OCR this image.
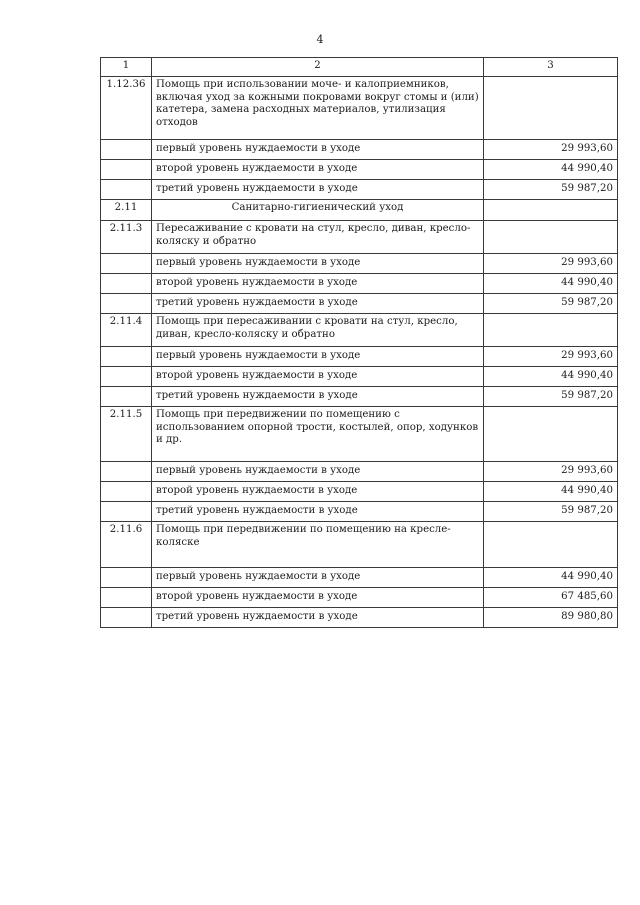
4
1	2	3
1.12.36	Помощь при использовании моче- и калоприемников, включая уход за кожными покровами вокруг стомы и (или) катетера, замена расходных материалов, утилизация отходов	
	первый уровень нуждаемости в уходе	29 993,60
	второй уровень нуждаемости в уходе	44 990,40
	третий уровень нуждаемости в уходе	59 987,20
2.11	Санитарно-гигиенический уход	
2.11.3	Пересаживание с кровати на стул, кресло, диван, кресло-коляску и обратно	
	первый уровень нуждаемости в уходе	29 993,60
	второй уровень нуждаемости в уходе	44 990,40
	третий уровень нуждаемости в уходе	59 987,20
2.11.4	Помощь при пересаживании с кровати на стул, кресло, диван, кресло-коляску и обратно	
	первый уровень нуждаемости в уходе	29 993,60
	второй уровень нуждаемости в уходе	44 990,40
	третий уровень нуждаемости в уходе	59 987,20
2.11.5	Помощь при передвижении по помещению с использованием опорной трости, костылей, опор, ходунков и др.	
	первый уровень нуждаемости в уходе	29 993,60
	второй уровень нуждаемости в уходе	44 990,40
	третий уровень нуждаемости в уходе	59 987,20
2.11.6	Помощь при передвижении по помещению на кресле-коляске	
	первый уровень нуждаемости в уходе	44 990,40
	второй уровень нуждаемости в уходе	67 485,60
	третий уровень нуждаемости в уходе	89 980,80
